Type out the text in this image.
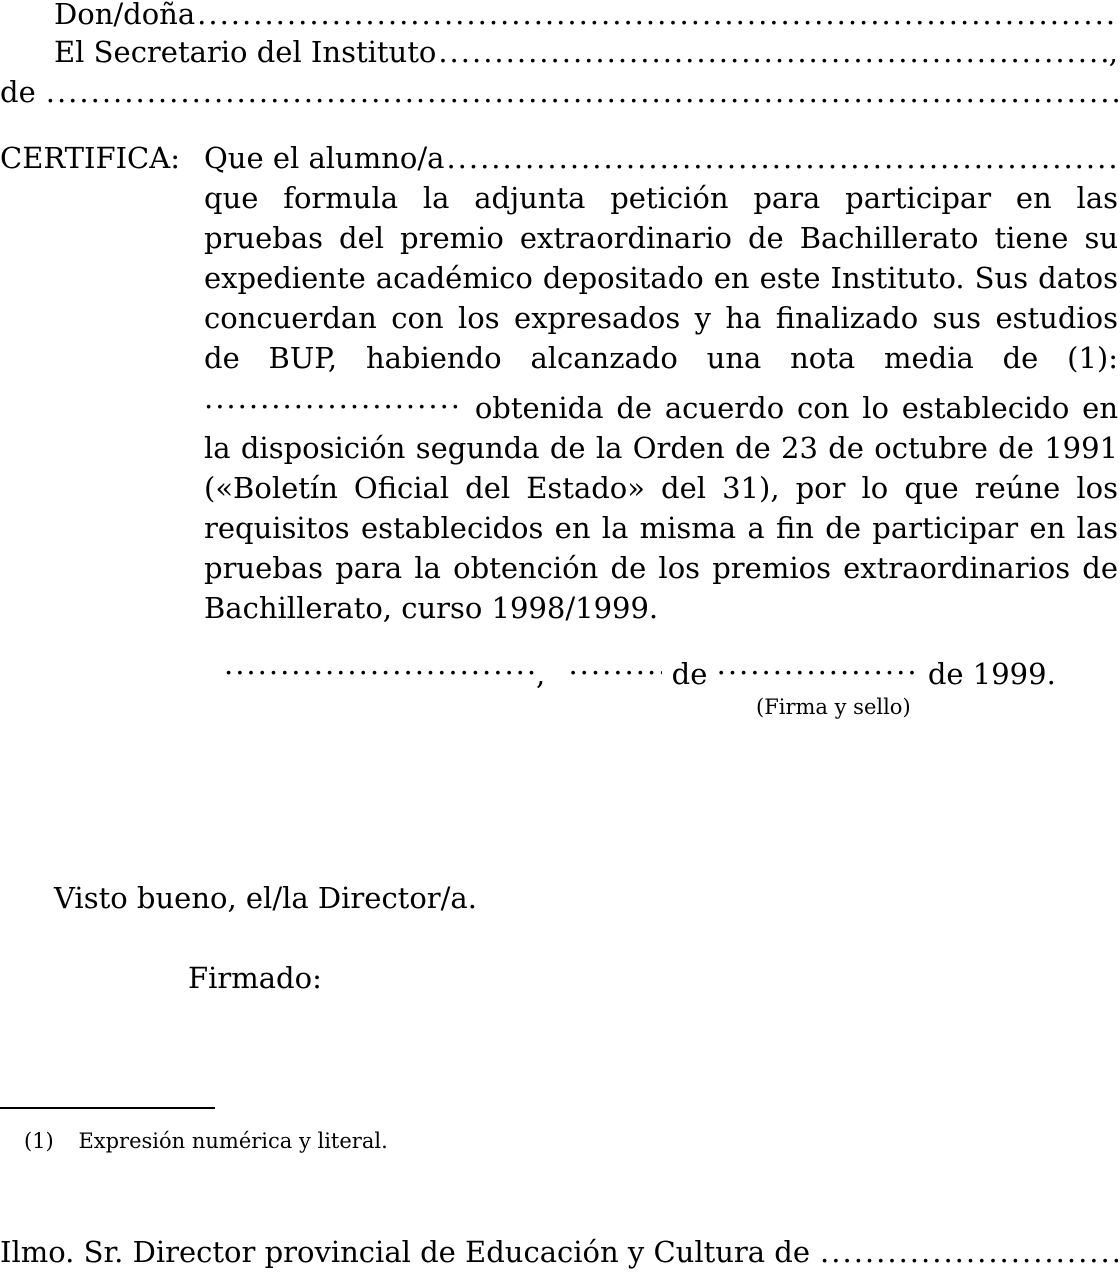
Don/doña
.....
El Secretario del Instituto .....	,
de
.....
CERTIFICA: Que el alumno/a
.....
que formula la adjunta petición para participar en las pruebas del premio extraordinario de Bachillerato tiene su expediente académico depositado en este Instituto. Sus datos concuerdan con los expresados y ha finalizado sus estudios de BUP, habiendo alcanzado una nota media de (1): ..... obtenida de acuerdo con lo establecido en la disposición segunda de la Orden de 23 de octubre de 1991 («Boletín Oficial del Estado» del 31), por lo que reúne los requisitos establecidos en la misma a fin de participar en las pruebas para la obtención de los premios extraordinarios de Bachillerato, curso 1998/1999.
....., .....	de .....	de 1999.
(Firma y sello)
Visto bueno, el/la Director/a.
Firmado:
(1) Expresión numérica y literal.
Ilmo. Sr. Director provincial de Educación y Cultura de
.....
